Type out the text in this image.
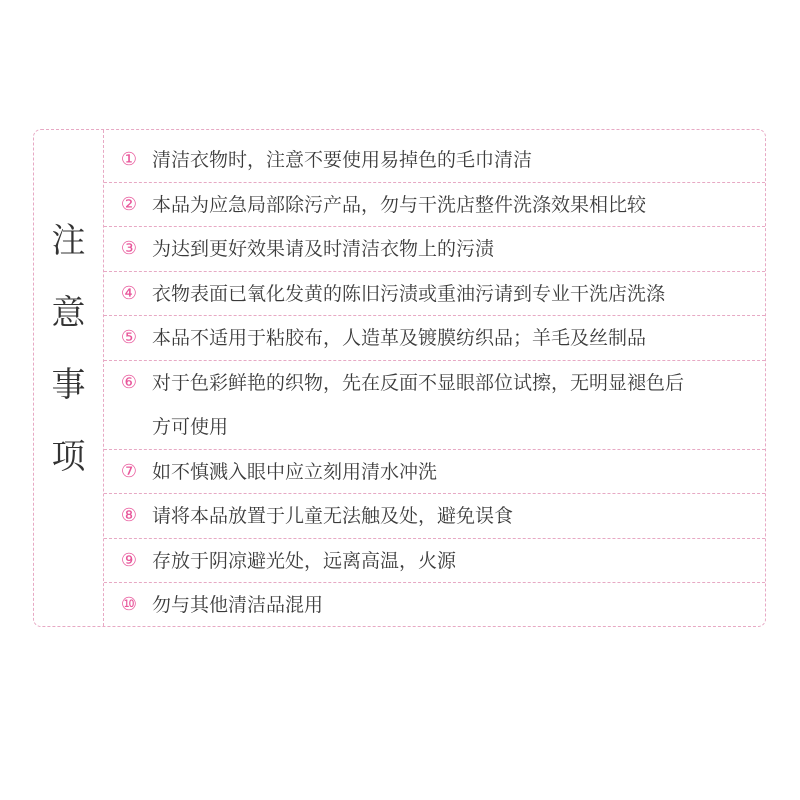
注
意
事
项
① 清洁衣物时，注意不要使用易掉色的毛巾清洁
② 本品为应急局部除污产品，勿与干洗店整件洗涤效果相比较
③ 为达到更好效果请及时清洁衣物上的污渍
④ 衣物表面已氧化发黄的陈旧污渍或重油污请到专业干洗店洗涤
⑤ 本品不适用于粘胶布，人造革及镀膜纺织品；羊毛及丝制品
⑥ 对于色彩鲜艳的织物，先在反面不显眼部位试擦，无明显褪色后
方可使用
⑦ 如不慎溅入眼中应立刻用清水冲洗
⑧ 请将本品放置于儿童无法触及处，避免误食
⑨ 存放于阴凉避光处，远离高温，火源
⑩ 勿与其他清洁品混用
